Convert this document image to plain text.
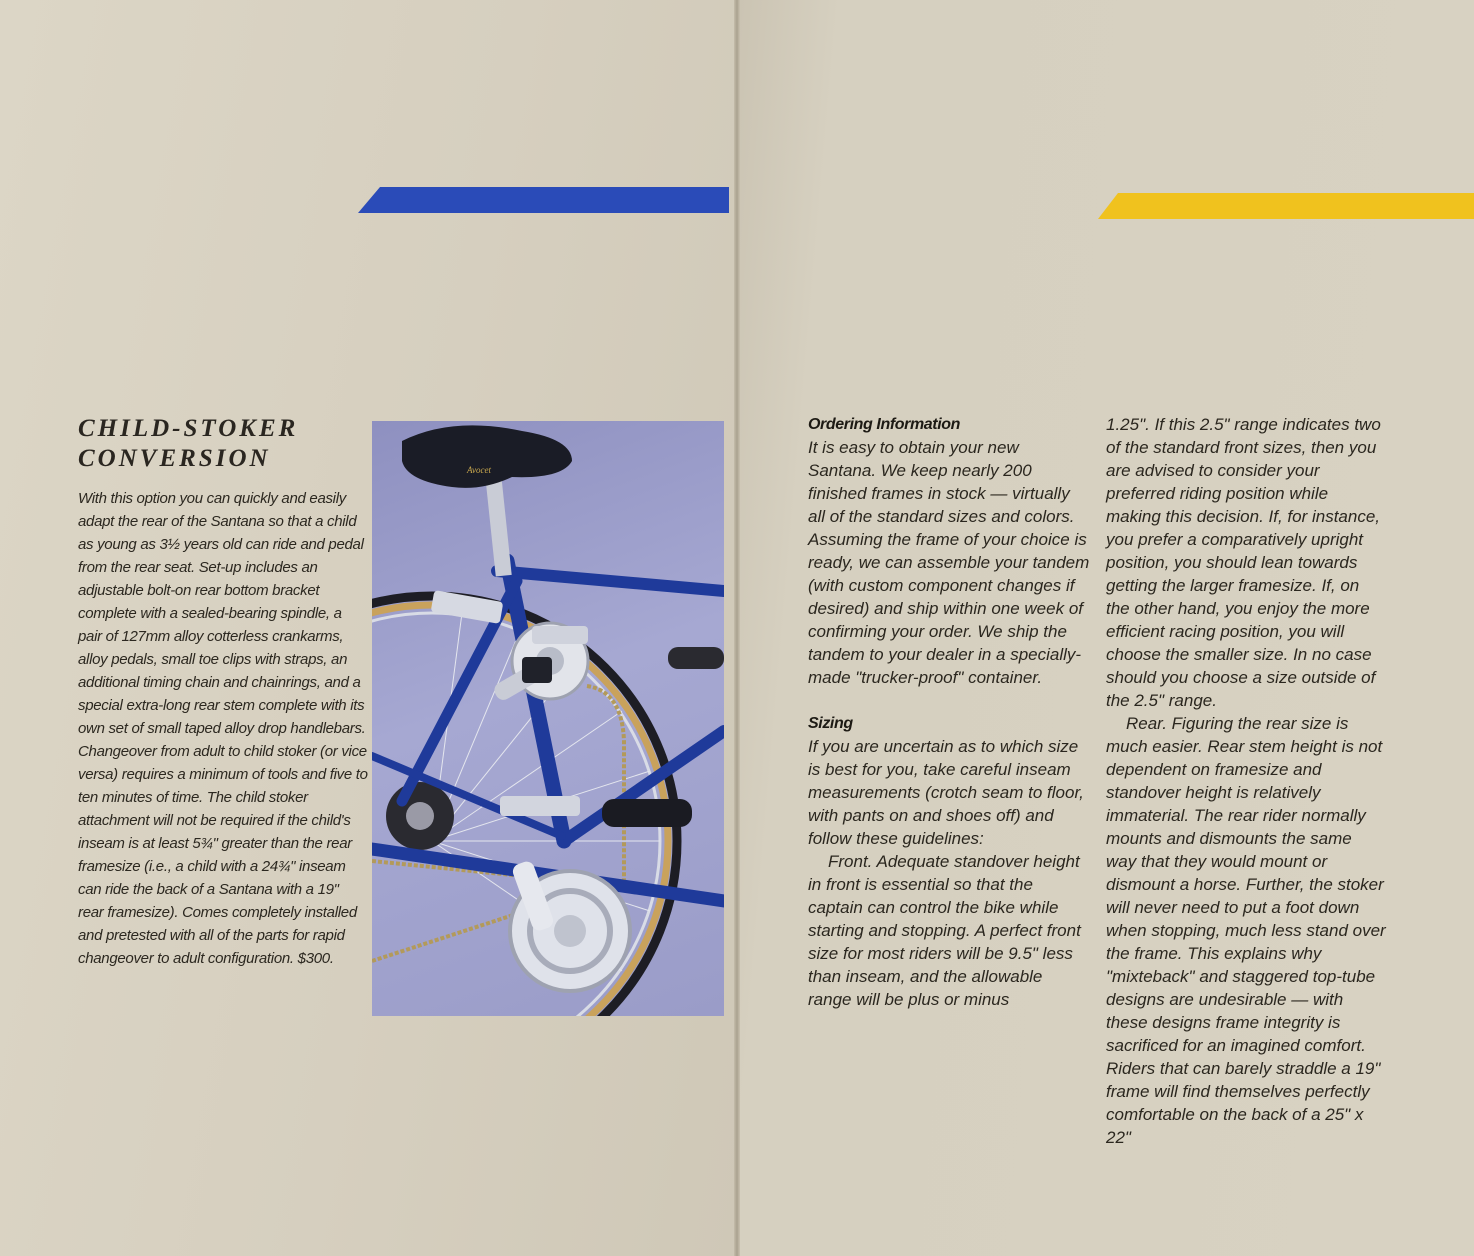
CHILD-STOKER
CONVERSION

With this option you can quickly and easily adapt the rear of the Santana so that a child as young as 3½ years old can ride and pedal from the rear seat. Set-up includes an adjustable bolt-on rear bottom bracket complete with a sealed-bearing spindle, a pair of 127mm alloy cotterless crankarms, alloy pedals, small toe clips with straps, an additional timing chain and chainrings, and a special extra-long rear stem complete with its own set of small taped alloy drop handlebars. Changeover from adult to child stoker (or vice versa) requires a minimum of tools and five to ten minutes of time. The child stoker attachment will not be required if the child's inseam is at least 5¾" greater than the rear framesize (i.e., a child with a 24¾" inseam can ride the back of a Santana with a 19" rear framesize). Comes completely installed and pretested with all of the parts for rapid changeover to adult configuration. $300.

Avocet

Ordering Information

It is easy to obtain your new Santana. We keep nearly 200 finished frames in stock — virtually all of the standard sizes and colors. Assuming the frame of your choice is ready, we can assemble your tandem (with custom component changes if desired) and ship within one week of confirming your order. We ship the tandem to your dealer in a specially-made "trucker-proof" container.

Sizing

If you are uncertain as to which size is best for you, take careful inseam measurements (crotch seam to floor, with pants on and shoes off) and follow these guidelines:

Front. Adequate standover height in front is essential so that the captain can control the bike while starting and stopping. A perfect front size for most riders will be 9.5" less than inseam, and the allowable range will be plus or minus

1.25". If this 2.5" range indicates two of the standard front sizes, then you are advised to consider your preferred riding position while making this decision. If, for instance, you prefer a comparatively upright position, you should lean towards getting the larger framesize. If, on the other hand, you enjoy the more efficient racing position, you will choose the smaller size. In no case should you choose a size outside of the 2.5" range.

Rear. Figuring the rear size is much easier. Rear stem height is not dependent on framesize and standover height is relatively immaterial. The rear rider normally mounts and dismounts the same way that they would mount or dismount a horse. Further, the stoker will never need to put a foot down when stopping, much less stand over the frame. This explains why "mixteback" and staggered top-tube designs are undesirable — with these designs frame integrity is sacrificed for an imagined comfort. Riders that can barely straddle a 19" frame will find themselves perfectly comfortable on the back of a 25" x 22"
